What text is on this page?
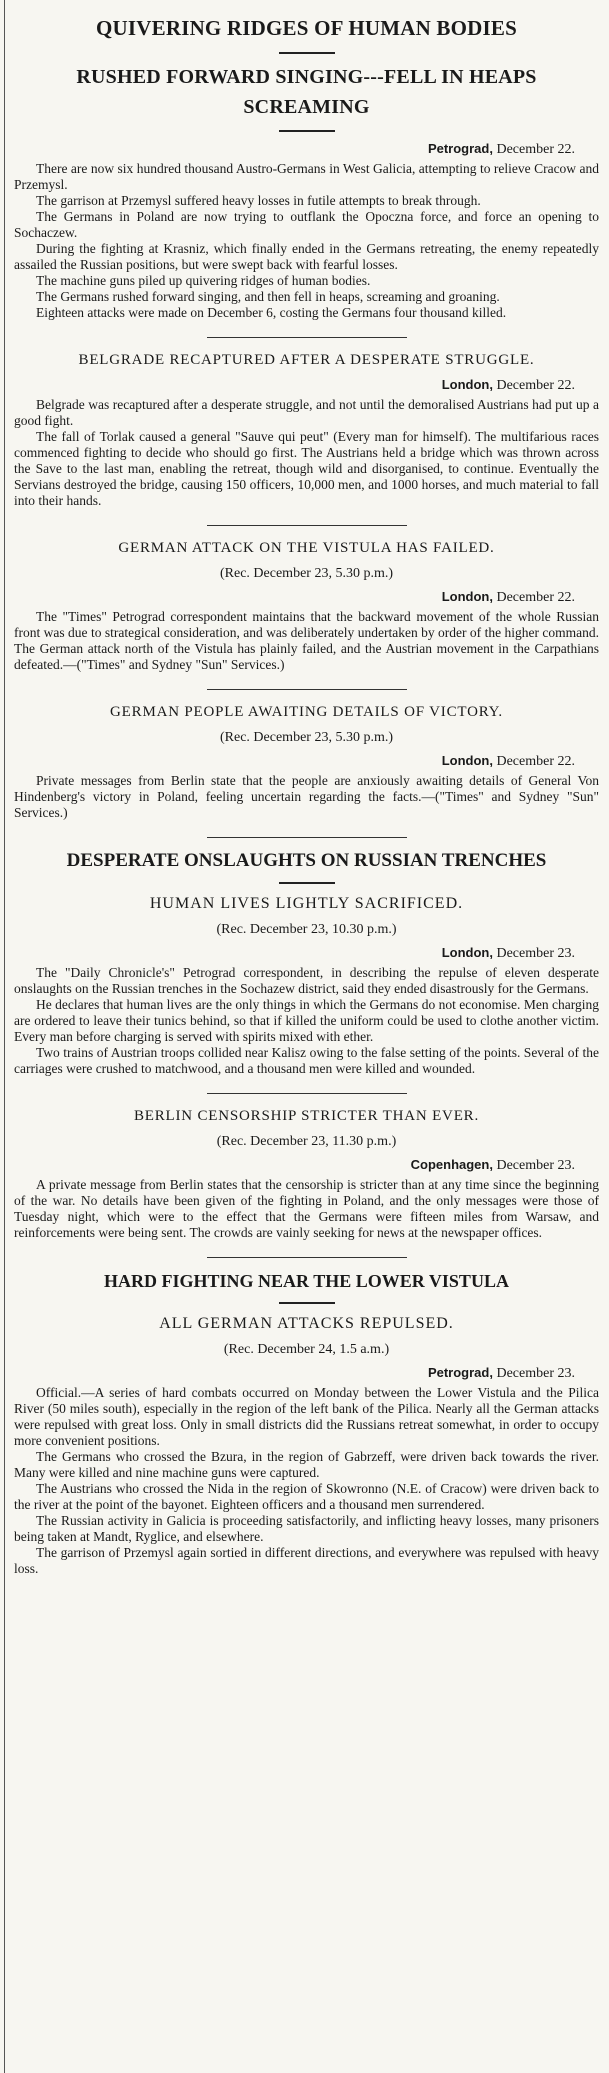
QUIVERING RIDGES OF HUMAN BODIES
RUSHED FORWARD SINGING---FELL IN HEAPS SCREAMING
Petrograd, December 22.

There are now six hundred thousand Austro-Germans in West Galicia, attempting to relieve Cracow and Przemysl.

The garrison at Przemysl suffered heavy losses in futile attempts to break through.

The Germans in Poland are now trying to outflank the Opoczna force, and force an opening to Sochaczew.

During the fighting at Krasniz, which finally ended in the Germans retreating, the enemy repeatedly assailed the Russian positions, but were swept back with fearful losses.

The machine guns piled up quivering ridges of human bodies.

The Germans rushed forward singing, and then fell in heaps, screaming and groaning.

Eighteen attacks were made on December 6, costing the Germans four thousand killed.

BELGRADE RECAPTURED AFTER A DESPERATE STRUGGLE.
London, December 22.

Belgrade was recaptured after a desperate struggle, and not until the demoralised Austrians had put up a good fight.

The fall of Torlak caused a general "Sauve qui peut" (Every man for himself). The multifarious races commenced fighting to decide who should go first. The Austrians held a bridge which was thrown across the Save to the last man, enabling the retreat, though wild and disorganised, to continue. Eventually the Servians destroyed the bridge, causing 150 officers, 10,000 men, and 1000 horses, and much material to fall into their hands.

GERMAN ATTACK ON THE VISTULA HAS FAILED.
(Rec. December 23, 5.30 p.m.)
London, December 22.

The "Times" Petrograd correspondent maintains that the backward movement of the whole Russian front was due to strategical consideration, and was deliberately undertaken by order of the higher command. The German attack north of the Vistula has plainly failed, and the Austrian movement in the Carpathians defeated.—("Times" and Sydney "Sun" Services.)

GERMAN PEOPLE AWAITING DETAILS OF VICTORY.
(Rec. December 23, 5.30 p.m.)
London, December 22.

Private messages from Berlin state that the people are anxiously awaiting details of General Von Hindenberg's victory in Poland, feeling uncertain regarding the facts.—("Times" and Sydney "Sun" Services.)

DESPERATE ONSLAUGHTS ON RUSSIAN TRENCHES
HUMAN LIVES LIGHTLY SACRIFICED.
(Rec. December 23, 10.30 p.m.)
London, December 23.

The "Daily Chronicle's" Petrograd correspondent, in describing the repulse of eleven desperate onslaughts on the Russian trenches in the Sochazew district, said they ended disastrously for the Germans.

He declares that human lives are the only things in which the Germans do not economise. Men charging are ordered to leave their tunics behind, so that if killed the uniform could be used to clothe another victim. Every man before charging is served with spirits mixed with ether.

Two trains of Austrian troops collided near Kalisz owing to the false setting of the points. Several of the carriages were crushed to matchwood, and a thousand men were killed and wounded.

BERLIN CENSORSHIP STRICTER THAN EVER.
(Rec. December 23, 11.30 p.m.)
Copenhagen, December 23.

A private message from Berlin states that the censorship is stricter than at any time since the beginning of the war. No details have been given of the fighting in Poland, and the only messages were those of Tuesday night, which were to the effect that the Germans were fifteen miles from Warsaw, and reinforcements were being sent. The crowds are vainly seeking for news at the newspaper offices.

HARD FIGHTING NEAR THE LOWER VISTULA
ALL GERMAN ATTACKS REPULSED.
(Rec. December 24, 1.5 a.m.)
Petrograd, December 23.

Official.—A series of hard combats occurred on Monday between the Lower Vistula and the Pilica River (50 miles south), especially in the region of the left bank of the Pilica. Nearly all the German attacks were repulsed with great loss. Only in small districts did the Russians retreat somewhat, in order to occupy more convenient positions.

The Germans who crossed the Bzura, in the region of Gabrzeff, were driven back towards the river. Many were killed and nine machine guns were captured.

The Austrians who crossed the Nida in the region of Skowronno (N.E. of Cracow) were driven back to the river at the point of the bayonet. Eighteen officers and a thousand men surrendered.

The Russian activity in Galicia is proceeding satisfactorily, and inflicting heavy losses, many prisoners being taken at Mandt, Ryglice, and elsewhere.

The garrison of Przemysl again sortied in different directions, and everywhere was repulsed with heavy loss.
